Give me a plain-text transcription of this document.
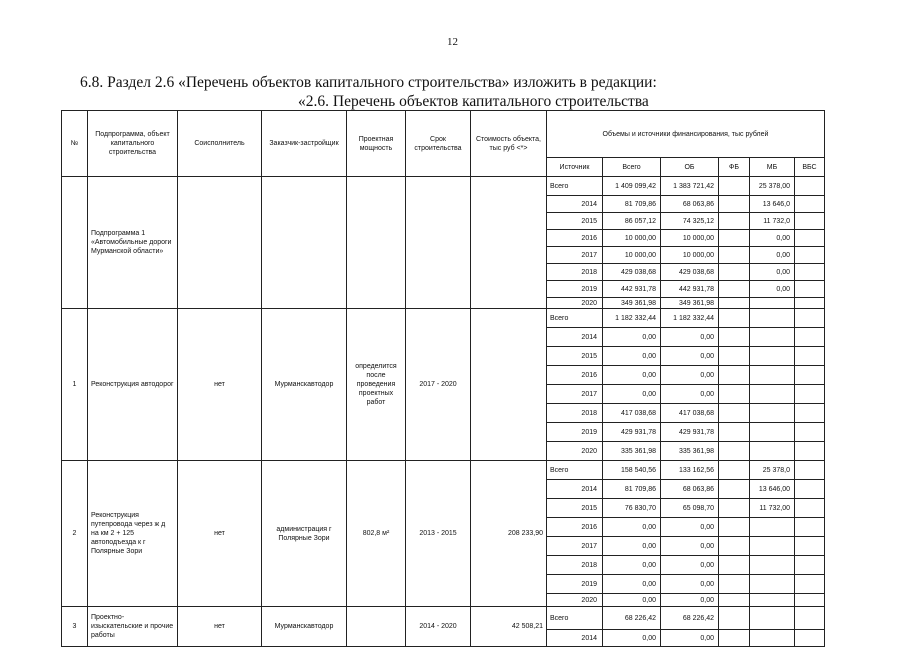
12
6.8. Раздел 2.6 «Перечень объектов капитального строительства» изложить в редакции:
«2.6. Перечень объектов капитального строительства
№	Подпрограмма, объект капитального строительства	Соисполнитель	Заказчик-застройщик	Проектная мощность	Срок строительства	Стоимость объекта, тыс руб <*>	Объемы и источники финансирования, тыс рублей					
							Источник	Всего	ОБ	ФБ	МБ	ВБС
	Подпрограмма 1 «Автомобильные дороги Мурманской области»						Всего	1 409 099,42	1 383 721,42		25 378,00	
							2014	81 709,86	68 063,86		13 646,0	
							2015	86 057,12	74 325,12		11 732,0	
							2016	10 000,00	10 000,00		0,00	
							2017	10 000,00	10 000,00		0,00	
							2018	429 038,68	429 038,68		0,00	
							2019	442 931,78	442 931,78		0,00	
							2020	349 361,98	349 361,98			
1	Реконструкция автодорог	нет	Мурманскавтодор	определится после проведения проектных работ	2017 - 2020		Всего	1 182 332,44	1 182 332,44			
							2014	0,00	0,00			
							2015	0,00	0,00			
							2016	0,00	0,00			
							2017	0,00	0,00			
							2018	417 038,68	417 038,68			
							2019	429 931,78	429 931,78			
							2020	335 361,98	335 361,98			
2	Реконструкция путепровода через ж д на км 2 + 125 автоподъезда к г Полярные Зори	нет	администрация г Полярные Зори	802,8 м²	2013 - 2015	208 233,90	Всего	158 540,56	133 162,56		25 378,0	
							2014	81 709,86	68 063,86		13 646,00	
							2015	76 830,70	65 098,70		11 732,00	
							2016	0,00	0,00			
							2017	0,00	0,00			
							2018	0,00	0,00			
							2019	0,00	0,00			
							2020	0,00	0,00			
3	Проектно-изыскательские и прочие работы	нет	Мурманскавтодор		2014 - 2020	42 508,21	Всего	68 226,42	68 226,42			
							2014	0,00	0,00			
